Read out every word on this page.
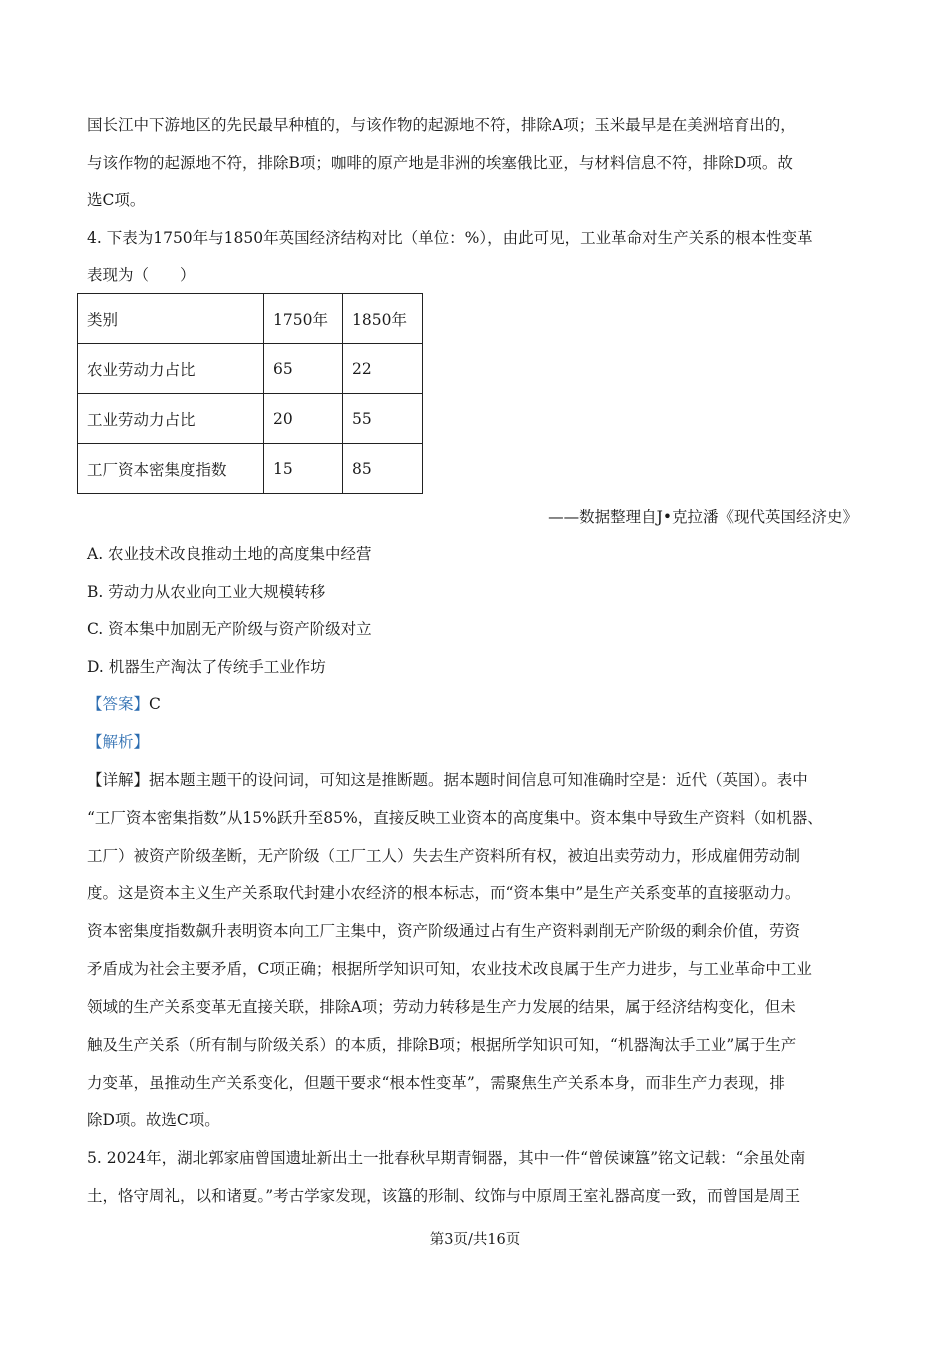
国长江中下游地区的先民最早种植的，与该作物的起源地不符，排除A项；玉米最早是在美洲培育出的，
与该作物的起源地不符，排除B项；咖啡的原产地是非洲的埃塞俄比亚，与材料信息不符，排除D项。故
选C项。
4. 下表为1750年与1850年英国经济结构对比（单位：%），由此可见，工业革命对生产关系的根本性变革
表现为（　　）
类别	1750年	1850年
农业劳动力占比	65	22
工业劳动力占比	20	55
工厂资本密集度指数	15	85
——数据整理自J•克拉潘《现代英国经济史》
A. 农业技术改良推动土地的高度集中经营
B. 劳动力从农业向工业大规模转移
C. 资本集中加剧无产阶级与资产阶级对立
D. 机器生产淘汰了传统手工业作坊
【答案】C
【解析】
【详解】据本题主题干的设问词，可知这是推断题。据本题时间信息可知准确时空是：近代（英国）。表中
“工厂资本密集指数”从15%跃升至85%，直接反映工业资本的高度集中。资本集中导致生产资料（如机器、
工厂）被资产阶级垄断，无产阶级（工厂工人）失去生产资料所有权，被迫出卖劳动力，形成雇佣劳动制
度。这是资本主义生产关系取代封建小农经济的根本标志，而“资本集中”是生产关系变革的直接驱动力。
资本密集度指数飙升表明资本向工厂主集中，资产阶级通过占有生产资料剥削无产阶级的剩余价值，劳资
矛盾成为社会主要矛盾，C项正确；根据所学知识可知，农业技术改良属于生产力进步，与工业革命中工业
领域的生产关系变革无直接关联，排除A项；劳动力转移是生产力发展的结果，属于经济结构变化，但未
触及生产关系（所有制与阶级关系）的本质，排除B项；根据所学知识可知，“机器淘汰手工业”属于生产
力变革，虽推动生产关系变化，但题干要求“根本性变革”，需聚焦生产关系本身，而非生产力表现，排
除D项。故选C项。
5. 2024年，湖北郭家庙曾国遗址新出土一批春秋早期青铜器，其中一件“曾侯谏簋”铭文记载：“余虽处南
土，恪守周礼，以和诸夏。”考古学家发现，该簋的形制、纹饰与中原周王室礼器高度一致，而曾国是周王
第3页/共16页
